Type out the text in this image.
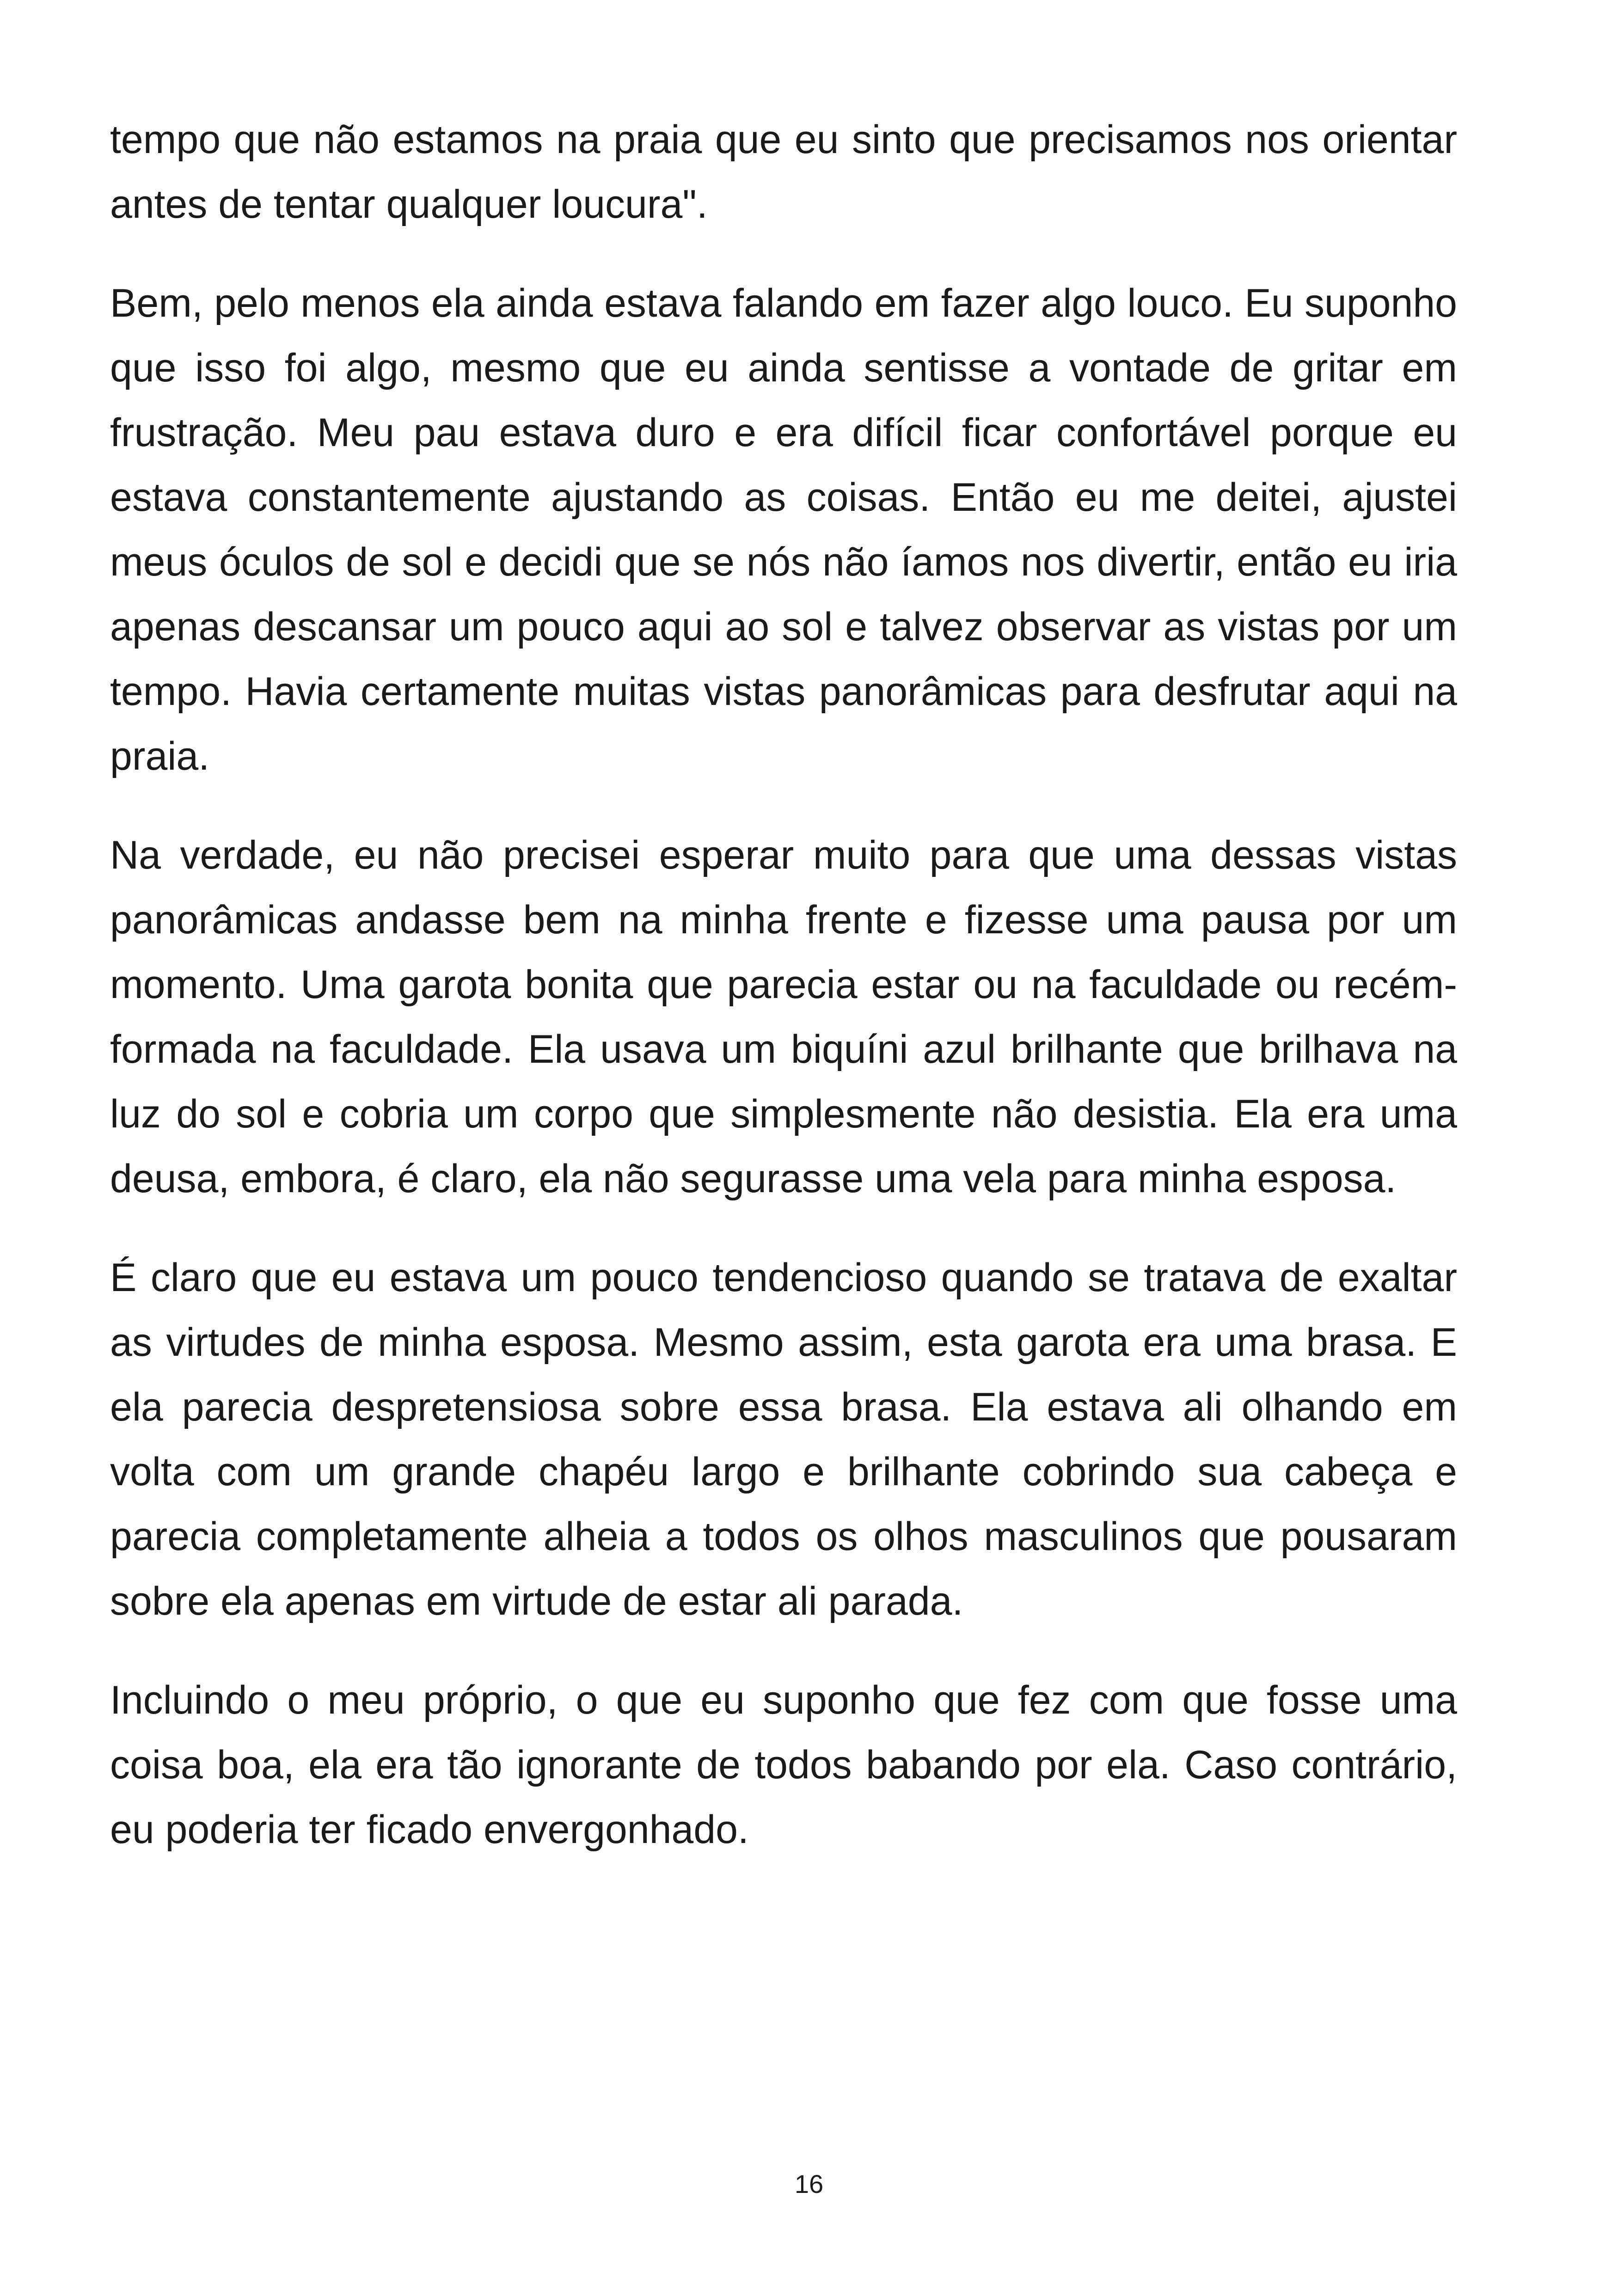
tempo que não estamos na praia que eu sinto que precisamos nos orientar antes de tentar qualquer loucura".

Bem, pelo menos ela ainda estava falando em fazer algo louco. Eu suponho que isso foi algo, mesmo que eu ainda sentisse a vontade de gritar em frustração. Meu pau estava duro e era difícil ficar confortável porque eu estava constantemente ajustando as coisas. Então eu me deitei, ajustei meus óculos de sol e decidi que se nós não íamos nos divertir, então eu iria apenas descansar um pouco aqui ao sol e talvez observar as vistas por um tempo. Havia certamente muitas vistas panorâmicas para desfrutar aqui na praia.

Na verdade, eu não precisei esperar muito para que uma dessas vistas panorâmicas andasse bem na minha frente e fizesse uma pausa por um momento. Uma garota bonita que parecia estar ou na faculdade ou recém-formada na faculdade. Ela usava um biquíni azul brilhante que brilhava na luz do sol e cobria um corpo que simplesmente não desistia. Ela era uma deusa, embora, é claro, ela não segurasse uma vela para minha esposa.

É claro que eu estava um pouco tendencioso quando se tratava de exaltar as virtudes de minha esposa. Mesmo assim, esta garota era uma brasa. E ela parecia despretensiosa sobre essa brasa. Ela estava ali olhando em volta com um grande chapéu largo e brilhante cobrindo sua cabeça e parecia completamente alheia a todos os olhos masculinos que pousaram sobre ela apenas em virtude de estar ali parada.

Incluindo o meu próprio, o que eu suponho que fez com que fosse uma coisa boa, ela era tão ignorante de todos babando por ela. Caso contrário, eu poderia ter ficado envergonhado.

16
